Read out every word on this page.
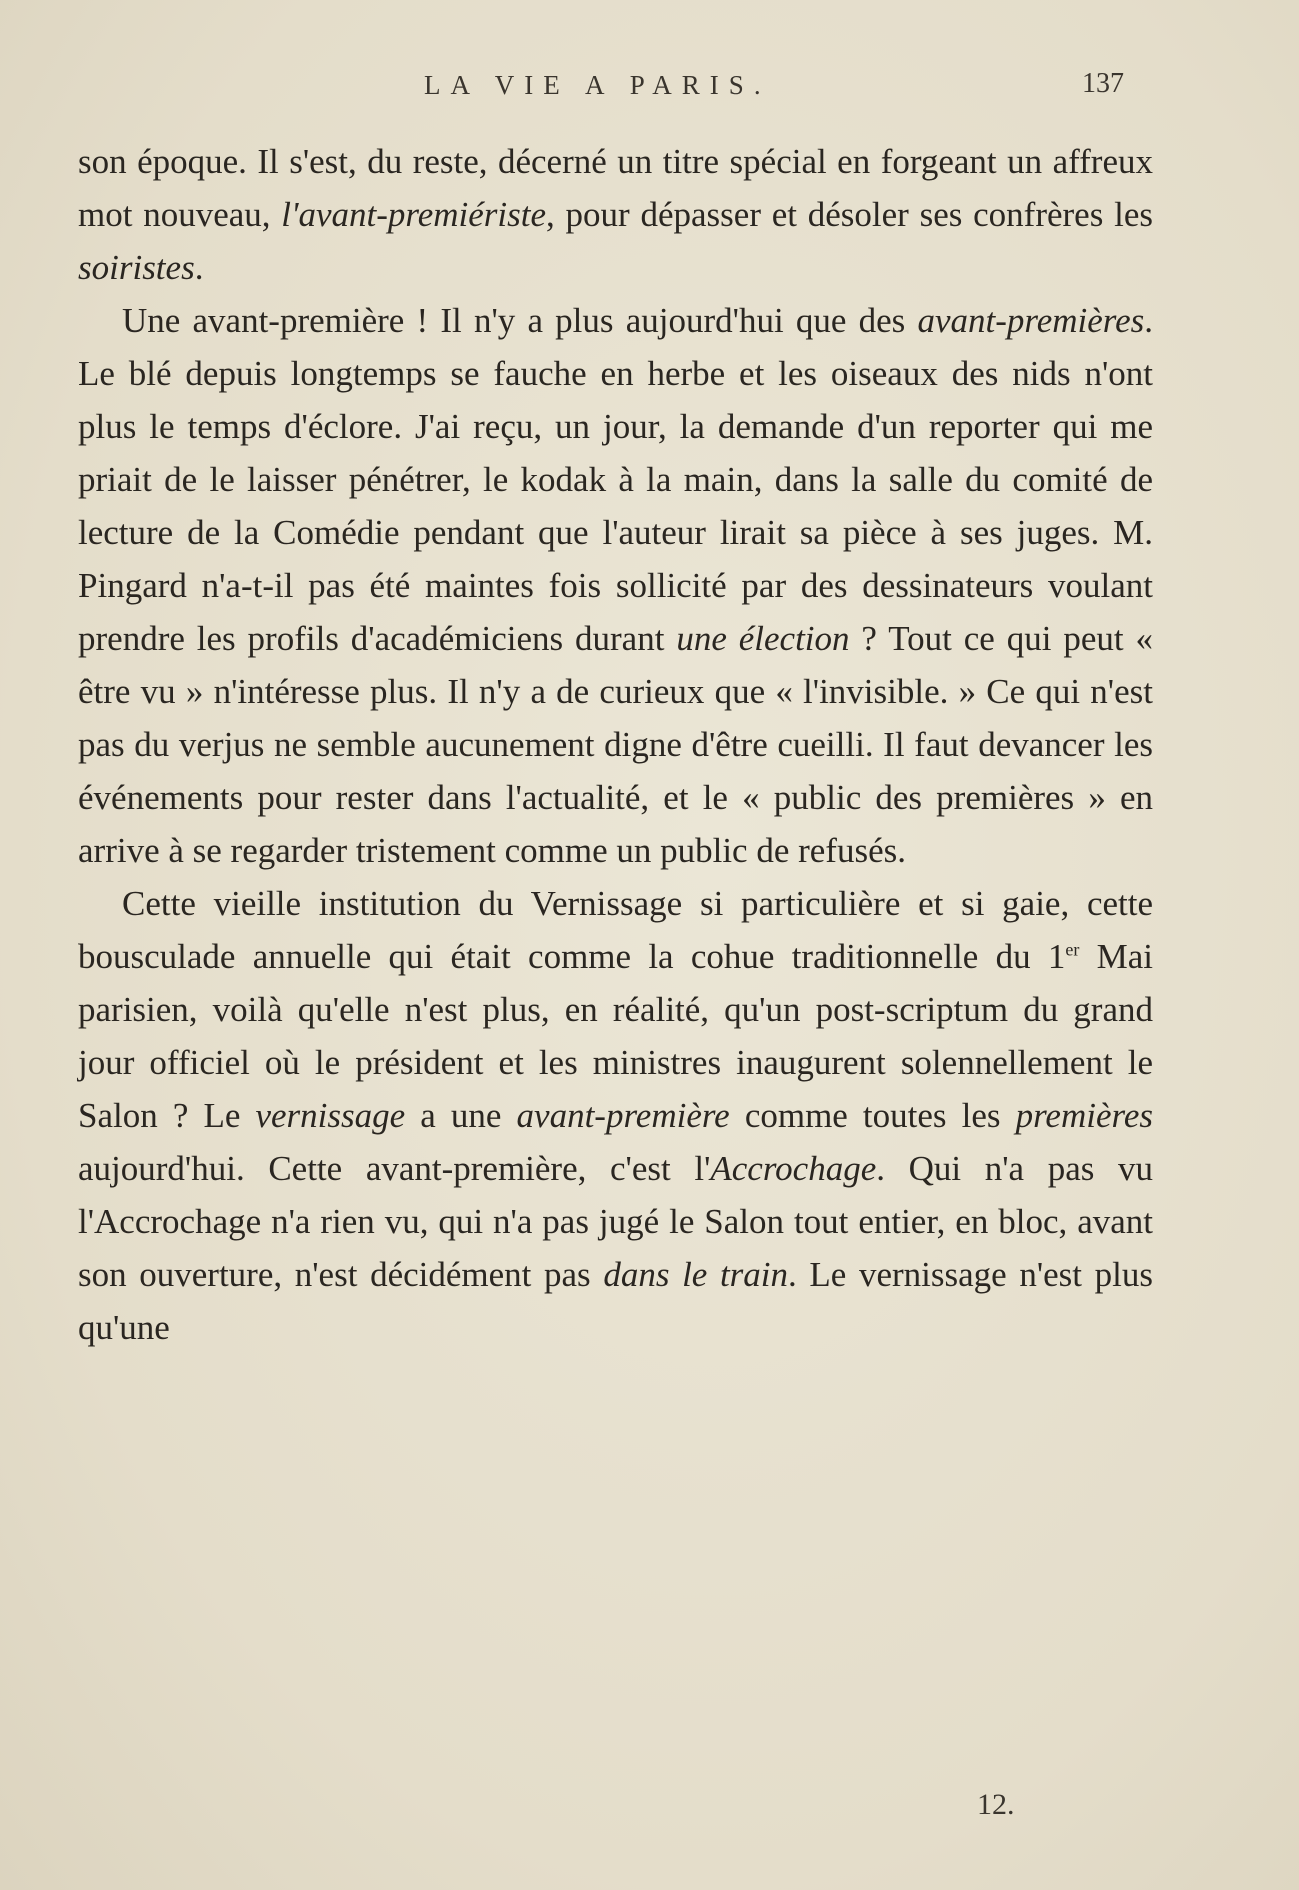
LA VIE A PARIS.	137

son époque. Il s'est, du reste, décerné un titre spécial en forgeant un affreux mot nouveau, l'avant-premiériste, pour dépasser et désoler ses confrères les soiristes.

Une avant-première ! Il n'y a plus aujourd'hui que des avant-premières. Le blé depuis longtemps se fauche en herbe et les oiseaux des nids n'ont plus le temps d'éclore. J'ai reçu, un jour, la demande d'un reporter qui me priait de le laisser pénétrer, le kodak à la main, dans la salle du comité de lecture de la Comédie pendant que l'auteur lirait sa pièce à ses juges. M. Pingard n'a-t-il pas été maintes fois sollicité par des dessinateurs voulant prendre les profils d'académiciens durant une élection ? Tout ce qui peut « être vu » n'intéresse plus. Il n'y a de curieux que « l'invisible. » Ce qui n'est pas du verjus ne semble aucunement digne d'être cueilli. Il faut devancer les événements pour rester dans l'actualité, et le « public des premières » en arrive à se regarder tristement comme un public de refusés.

Cette vieille institution du Vernissage si particulière et si gaie, cette bousculade annuelle qui était comme la cohue traditionnelle du 1er Mai parisien, voilà qu'elle n'est plus, en réalité, qu'un post-scriptum du grand jour officiel où le président et les ministres inaugurent solennellement le Salon ? Le vernissage a une avant-première comme toutes les premières aujourd'hui. Cette avant-première, c'est l'Accrochage. Qui n'a pas vu l'Accrochage n'a rien vu, qui n'a pas jugé le Salon tout entier, en bloc, avant son ouverture, n'est décidément pas dans le train. Le vernissage n'est plus qu'une

12.
